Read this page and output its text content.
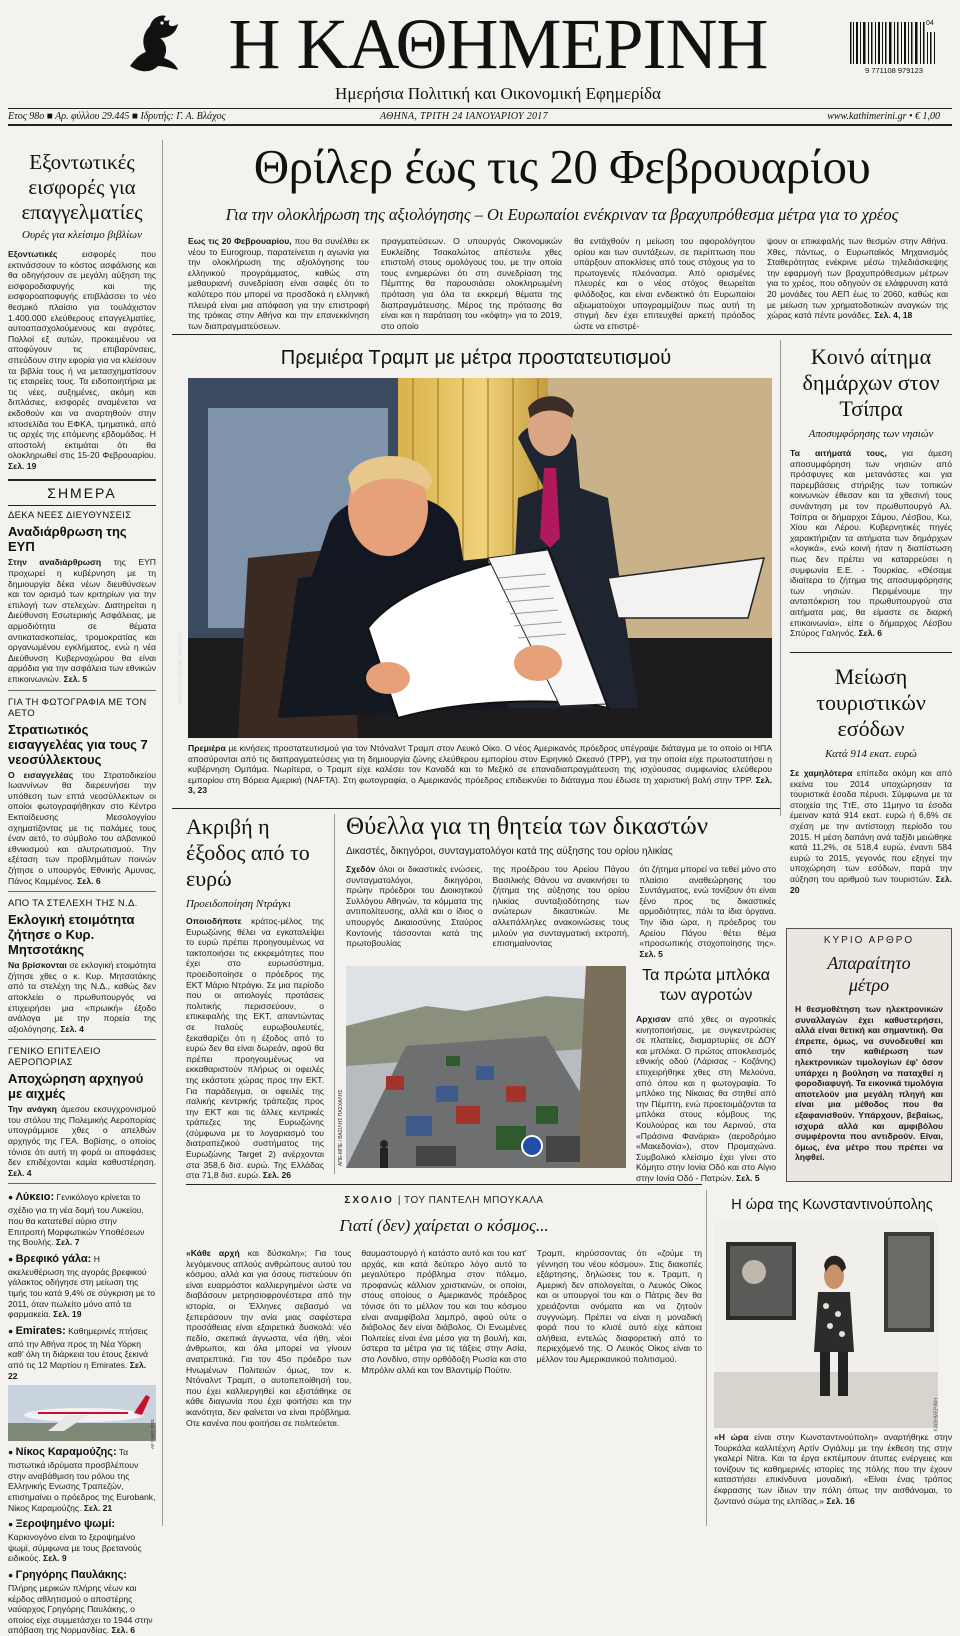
Η ΚΑΘΗΜΕΡΙΝΗ
Ημερήσια Πολιτική και Οικονομική Εφημερίδα
04
9 771108 979123
Ετος 98ο ■ Αρ. φύλλου 29.445 ■ Ιδρυτής: Γ. Α. Βλάχος	ΑΘΗΝΑ, ΤΡΙΤΗ 24 ΙΑΝΟΥΑΡΙΟΥ 2017	www.kathimerini.gr • € 1,00
Εξοντωτικές εισφορές για επαγγελματίες
Ουρές για κλείσιμο βιβλίων

Εξοντωτικές εισφορές που εκτινάσσουν το κόστος ασφάλισης και θα οδηγήσουν σε μεγάλη αύξηση της εισφοροδιαφυγής και της εισφοροαποφυγής επιβλάσσει το νέο θεσμικό πλαίσιο για τουλάχιστον 1.400.000 ελεύθερους επαγγελματίες, αυτοαπασχολούμενους και αγρότες. Πολλοί εξ αυτών, προκειμένου να αποφύγουν τις επιβαρύνσεις, σπεύδουν στην εφορία για να κλείσουν τα βιβλία τους ή να μετασχηματίσουν τις εταιρείες τους. Τα ειδοποιητήρια με τις νέες, αυξημένες, ακόμη και διπλάσιες, εισφορές αναμένεται να εκδοθούν και να αναρτηθούν στην ιστοσελίδα του ΕΦΚΑ, τμηματικά, από τις αρχές της επόμενης εβδομάδας. Η αποστολή εκτιμάται ότι θα ολοκληρωθεί στις 15-20 Φεβρουαρίου. Σελ. 19

ΣΗΜΕΡΑ
ΔΕΚΑ ΝΕΕΣ ΔΙΕΥΘΥΝΣΕΙΣ
Αναδιάρθρωση της ΕΥΠ

Στην αναδιάρθρωση της ΕΥΠ προχωρεί η κυβέρνηση με τη δημιουργία δέκα νέων διευθύνσεων και τον ορισμό των κριτηρίων για την επιλογή των στελεχών. Διατηρείται η Διεύθυνση Εσωτερικής Ασφάλειας, με αρμοδιότητα σε θέματα αντικατασκοπείας, τρομοκρατίας και οργανωμένου εγκλήματος, ενώ η νέα Διεύθυνση Κυβερνοχώρου θα είναι αρμόδια για την ασφάλεια των εθνικών επικοινωνιών. Σελ. 5

ΓΙΑ ΤΗ ΦΩΤΟΓΡΑΦΙΑ ΜΕ ΤΟΝ ΑΕΤΟ
Στρατιωτικός εισαγγελέας για τους 7 νεοσύλλεκτους

Ο εισαγγελέας του Στρατοδικείου Ιωαννίνων θα διερευνήσει την υπόθεση των επτά νεοσύλλεκτων οι οποίοι φωτογραφήθηκαν στο Κέντρο Εκπαίδευσης Μεσολογγίου σχηματίζοντας με τις παλάμες τους έναν αετό, το σύμβολο του αλβανικού εθνικισμού και αλυτρωτισμού. Την εξέταση των προβλημάτων ποινών ζήτησε ο υπουργός Εθνικής Αμυνας, Πάνος Καμμένος. Σελ. 6

ΑΠΟ ΤΑ ΣΤΕΛΕΧΗ ΤΗΣ Ν.Δ.
Εκλογική ετοιμότητα ζήτησε ο Κυρ. Μητσοτάκης

Να βρίσκονται σε εκλογική ετοιμότητα ζήτησε χθες ο κ. Κυρ. Μητσοτάκης από τα στελέχη της Ν.Δ., καθώς δεν αποκλείει ο πρωθυπουργός να επιχειρήσει μια «πρωική» έξοδο ανάλογα με την πορεία της αξιολόγησης. Σελ. 4

ΓΕΝΙΚΟ ΕΠΙΤΕΛΕΙΟ ΑΕΡΟΠΟΡΙΑΣ
Αποχώρηση αρχηγού με αιχμές

Την ανάγκη άμεσου εκσυγχρονισμού του στόλου της Πολεμικής Αεροπορίας υπογράμμισε χθες ο απελθών αρχηγός της ΓΕΑ. Βοβίσης, ο οποίος τόνισε ότι αυτή τη φορά οι αποφάσεις δεν επιδέχονται καμία καθυστέρηση. Σελ. 4

● Λύκειο: Γενικόλογο κρίνεται το σχέδιο για τη νέα δομή του Λυκείου, που θα κατατεθεί αύριο στην Επιτροπή Μορφωτικών Υποθέσεων της Βουλής. Σελ. 7

● Βρεφικό γάλα: Η ακελευθέρωση της αγοράς βρεφικού γάλακτος οδήγησε στη μείωση της τιμής του κατά 9,4% σε σύγκριση με το 2011, όταν πωλείτο μόνο από τα φαρμακεία. Σελ. 19

● Emirates: Καθημερινές πτήσεις από την Αθήνα προς τη Νέα Υόρκη καθ' όλη τη διάρκεια του έτους ξεκινά από τις 12 Μαρτίου η Emirates. Σελ. 22

AP / ΑΕΟ ΤΡΙΣ

● Νίκος Καραμούζης: Τα πιστωτικά ιδρύματα προσβλέπουν στην αναβάθμιση του ρόλου της Ελληνικής Ενωσης Τραπεζών, επισημαίνει ο πρόεδρος της Eurobank, Νίκος Καραμούζης. Σελ. 21

● Ξεροψημένο ψωμί: Καρκινογόνο είναι το ξεροψημένο ψωμί, σύμφωνα με τους βρετανούς ειδικούς. Σελ. 9

● Γρηγόρης Παυλάκης: Πλήρης μερικών πλήρης νέων και κέρδος αθλητισμού ο αποστέρης ναύαρχος Γρηγόρης Παυλάκης, ο οποίος είχε συμμετάσχει το 1944 στην απόβαση της Νορμανδίας. Σελ. 6

Θρίλερ έως τις 20 Φεβρουαρίου
Για την ολοκλήρωση της αξιολόγησης – Οι Ευρωπαίοι ενέκριναν τα βραχυπρόθεσμα μέτρα για το χρέος

Εως τις 20 Φεβρουαρίου, που θα συνέλθει εκ νέου το Eurogroup, παρατείνεται η αγωνία για την ολοκλήρωση της αξιολόγησης του ελληνικού προγράμματος, καθώς στη μεθαυριανή συνεδρίαση είναι σαφές ότι το καλύτερο που μπορεί να προσδοκά η ελληνική πλευρά είναι μια απόφαση για την επιστροφή της τρόικας στην Αθήνα και την επανεκκίνηση των διαπραγματεύσεων.

πραγματεύσεων. Ο υπουργός Οικονομικών Ευκλείδης Τσακαλώτος απέστειλε χθες επιστολή στους ομολόγους του, με την οποία τους ενημερώνει ότι στη συνεδρίαση της Πέμπτης θα παρουσιάσει ολοκληρωμένη πρόταση για όλα τα εκκρεμή θέματα της διαπραγμάτευσης. Μέρος της πρότασης θα είναι και η παράταση του «κόφτη» για το 2019, στο οποίο

θα εντάχθούν η μείωση του αφορολόγητου ορίου και των συντάξεων, σε περίπτωση που υπάρξουν αποκλίσεις από τους στόχους για το πρωτογενές πλεόνασμα. Από ορισμένες πλευρές και ο νέος στόχος θεωρείται φιλόδοξος, και είναι ενδεικτικό ότι Ευρωπαίοι αξιωματούχοι υπογραμμίζουν πως αυτή τη στιγμή δεν έχει επιτευχθεί αρκετή πρόοδος ώστε να επιστρέ-

ψουν οι επικεφαλής των θεσμών στην Αθήνα. Χθες, πάντως, ο Ευρωπαϊκός Μηχανισμός Σταθερότητας ενέκρινε μέσω τηλεδιάσκεψης την εφαρμογή των βραχυπρόθεσμων μέτρων για το χρέος, που οδηγούν σε ελάφρυνση κατά 20 μονάδες του ΑΕΠ έως το 2060, καθώς και με μείωση των χρηματοδοτικών αναγκών της χώρας κατά πέντε μονάδες. Σελ. 4, 18

Πρεμιέρα Τραμπ με μέτρα προστατευτισμού
REUTERS / KEVIN LAMARQUE

Πρεμιέρα με κινήσεις προστατευτισμού για τον Ντόναλντ Τραμπ στον Λευκό Οίκο. Ο νέος Αμερικανός πρόεδρος υπέγραψε διάταγμα με το οποίο οι ΗΠΑ αποσύρονται από τις διαπραγματεύσεις για τη δημιουργία ζώνης ελεύθερου εμπορίου στον Ειρηνικό Ωκεανό (TPP), για την οποία είχε πρωτοστατήσει η κυβέρνηση Ομπάμα. Νωρίτερα, ο Τραμπ είχε καλέσει τον Καναδά και το Μεξικό σε επαναδιαπραγμάτευση της ισχύουσας συμφωνίας ελεύθερου εμπορίου στη Βόρεια Αμερική (NAFTA). Στη φωτογραφία, ο Αμερικανός πρόεδρος επιδεικνύει το διάταγμα που έδωσε τη χαριστική βολή στην TPP. Σελ. 3, 23

Κοινό αίτημα δημάρχων στον Τσίπρα
Αποσυμφόρησης των νησιών

Τα αιτήματά τους, για άμεση αποσυμφόρηση των νησιών από πρόσφυγες και μετανάστες και για παρεμβάσεις στήριξης των τοπικών κοινωνιών έθεσαν και τα χθεσινή τους συνάντηση με τον πρωθυπουργό Αλ. Τσίπρα οι δήμαρχοι Σάμου, Λέσβου, Κω, Χίου και Λέρου. Κυβερνητικές πηγές χαρακτήριζαν τα αιτήματα των δημάρχων «λογικά», ενώ κοινή ήταν η διαπίστωση πως δεν πρέπει να καταρρεύσει η συμφωνία Ε.Ε. - Τουρκίας. «Θέσαμε ιδιαίτερα το ζήτημα της αποσυμφόρησης των νησιών. Περιμένουμε την ανταπόκριση του πρωθυπουργού στα αιτήματα μας, θα είμαστε σε διαρκή επικοινωνία», είπε ο δήμαρχος Λέσβου Σπύρος Γαληνός. Σελ. 6

Μείωση τουριστικών εσόδων
Κατά 914 εκατ. ευρώ

Σε χαμηλότερα επίπεδα ακόμη και από εκείνα του 2014 υποχώρησαν τα τουριστικά έσοδα πέρυσι. Σύμφωνα με τα στοιχεία της ΤτΕ, στο 11μηνο τα έσοδα έμειναν κατά 914 εκατ. ευρώ ή 6,6% σε σχέση με την αντίστοιχη περίοδο του 2015. Η μέση δαπάνη ανά ταξίδι μειώθηκε κατά 11,2%, σε 518,4 ευρώ, έναντι 584 ευρώ το 2015, γεγονός που εξηγεί την υποχώρηση των εσόδων, παρά την αύξηση του αριθμού των τουριστών. Σελ. 20

ΚΥΡΙΟ ΑΡΘΡΟ
Απαραίτητο μέτρο

Η θεσμοθέτηση των ηλεκτρονικών συναλλαγών έχει καθυστερήσει, αλλά είναι θετική και σημαντική. Θα έπρεπε, όμως, να συνοδευθεί και από την καθιέρωση των ηλεκτρονικών τιμολογίων έφ' όσον υπάρχει η βούληση να παταχθεί η φοροδιαφυγή. Τα εικονικά τιμολόγια αποτελούν μια μεγάλη πληγή και είναι μια μέθοδος που θα εξαφανισθούν. Υπάρχουν, βεβαίως, ισχυρά αλλά και αμφιβόλου συμφέροντα που αντιδρούν. Είναι, όμως, ένα μέτρο που πρέπει να ληφθεί.

Ακριβή η έξοδος από το ευρώ
Προειδοποίηση Ντράγκι

Οποιοδήποτε κράτος-μέλος της Ευρωζώνης θέλει να εγκαταλείψει το ευρώ πρέπει προηγουμένως να τακτοποιήσει τις εκκρεμότητες που έχει στο ευρωσύστημα, προειδοποίησε ο πρόεδρος της ΕΚΤ Μάριο Ντράγκι. Σε μια περίοδο που οι αιτιολογές προτάσεις πολιτικής περισσεύουν, ο επικεφαλής της ΕΚΤ, απαντώντας σε Ιταλούς ευρωβουλευτές, ξεκαθαρίζει ότι η έξοδος από το ευρώ δεν θα είναι δωρεάν, αφού θα πρέπει προηγουμένως να εκκαθαριστούν πλήρως οι οφειλές της εκάστοτε χώρας προς την ΕΚΤ. Για παράδειγμα, οι οφειλές της ιταλικής κεντρικής τράπεζας προς την ΕΚΤ και τις άλλες κεντρικές τράπεζες της Ευρωζώνης (σύμφωνα με το λογαριασμό του διατραπεζικού συστήματος της Ευρωζώνης Target 2) ανέρχονται στα 358,6 δισ. ευρώ. Της Ελλάδας στα 71,8 δισ. ευρώ. Σελ. 26

Θύελλα για τη θητεία των δικαστών
Δικαστές, δικηγόροι, συνταγματολόγοι κατά της αύξησης του ορίου ηλικίας

Σχεδόν όλοι οι δικαστικές ενώσεις, συνταγματολόγοι, δικηγόροι, πρώην πρόεδροι του Διοικητικού Συλλόγου Αθηνών, τα κόμματα της αντιπολίτευσης, αλλά και ο ίδιος ο υπουργός Δικαιοσύνης Σταύρος Κοντονής τάσσονται κατά της πρωτοβουλίας

της προέδρου του Αρείου Πάγου Βασιλικής Θάνου να ανακινήσει το ζήτημα της αύξησης του ορίου ηλικίας συνταξιοδότησης των ανώτερων δικαστικών. Με αλλεπάλληλες ανακοινώσεις τους μιλούν για συνταγματική εκτροπή, επισημαίνοντας

ότι ζήτημα μπορεί να τεθεί μόνο στο πλαίσιο αναθεώρησης του Συντάγματος, ενώ τονίζουν ότι είναι ξένο προς τις δικαστικές αρμοδιότητες, πάλι τα ίδια όργανα. Την ίδια ώρα, η πρόεδρος του Αρείου Πάγου θέτει θέμα «προσωπικής στοχοποίησης της». Σελ. 5

ΑΠΕ-ΜΠΕ / ΒΑΣΙΛΗΣ ΠΑΣΧΑΛΗΣ
Τα πρώτα μπλόκα των αγροτών

Αρχισαν από χθες οι αγροτικές κινητοποιήσεις, με συγκεντρώσεις σε πλατείες, διαμαρτυρίες σε ΔΟΥ και μπλόκα. Ο πρώτος αποκλεισμός εθνικής οδού (Λάρισας - Κοζάνης) επιχειρήθηκε χθες στη Μελούνα, από όπου και η φωτογραφία. Το μπλόκο της Νίκαιας θα στηθεί από την Πέμπτη, ενώ προετοιμάζονται τα μπλόκα στους κόμβους της Κουλούρας και του Αερινού, στα «Πράσινα Φανάρια» (αεροδρόμιο «Μακεδονία»), στον Προμαχώνα. Συμβολικό κλείσιμο έχει γίνει στο Κόμητο στην Ιονία Οδό και στο Αίγιο στην Ιονία Οδό - Πατρών. Σελ. 5

ΣΧΟΛΙΟ | ΤΟΥ ΠΑΝΤΕΛΗ ΜΠΟΥΚΑΛΑ
Γιατί (δεν) χαίρεται ο κόσμος...

«Κάθε αρχή και δύσκολη»; Για τους λεγόμενους απλούς ανθρώπους αυτού του κόσμου, αλλά και για όσους πιστεύουν ότι είναι ευαρμόστοι καλλιεργημένοι ώστε να διαβάσουν μετρησιοφρονέστερα από την ιστορία, οι Έλληνες σεβασμό να ξεπεράσουν την ανία μιας σαφέστερα προσάθειας είναι εξαιρετικά δυσκολό: νέο πεδίο, σκεπικά άγνωστα, νέα ήθη, νέοι άνθρωποι, και όλα μπορεί να γίνουν ανατρεπτικά. Για τον 45ο πρόεδρο των Ηνωμένων Πολιτειών όμως, τον κ. Ντόναλντ Τραμπ, ο αυτοπεποίθησή του, που έχει καλλιεργηθεί και εξιστάθηκε σε κάθε διαγωνία που έχει φοιτήσει και την ικανότητα, δεν φαίνεται να είναι πρόβλημα. Οτε κανένα που φοιτήσει σε πολιτεύεται.

θαυμαστουργό ή κατάστο αυτό και του κατ' αρχάς, και κατά δεύτερο λόγο αυτό το μεγαλύτερο πρόβλημα στον πόλεμο, προφανώς κάλλιον χριστιανών, οι οποίοι, στους οποίους ο Αμερικανός πρόεδρος τόνισε ότι το μέλλον του και του κόσμου είναι αναμφίβολα λαμπρό, αφού ούτε ο διάβολος δεν είναι διάβολος. Οι Ενωμένες Πολιτείες είναι ένα μέσο για τη βουλή, και, ύστερα τα μέτρα για τις τάξεις στην Ασία, στο Λονδίνο, στην ορθόδοξη Ρωσία και στο Μπρόλιν αλλά και τον Βλαντιμίρ Πούτιν.

Τραμπ, κηρύσσοντας ότι «ζούμε τη γέννηση του νέου κόσμου». Στις διακοπές εξάρτησης, δηλώσεις του κ. Τραμπ, η Αμερική δεν απολογείται, ο Λευκός Οίκος και οι υπουργοί του και ο Πάτρις δεν θα χρειάζονται ονόματα και να ζητούν συγγνώμη. Πρέπει να είναι η μοναδική φορά που το κλισέ αυτό είχε κάποια αλήθεια, εντελώς διαφορετική από το περιεχόμενό της. Ο Λευκός Οίκος είναι το μέλλον του Αμερικανικού πολιτισμού.

Η ώρα της Κωνσταντινούπολης
ΚΑΘΗΜΕΡΙΝΗ

«Η ώρα είναι στην Κωνσταντινούπολη» αναρτήθηκε στην Τουρκάλα καλλιτέχνη Αρτίν Ογιάλυμ με την έκθεση της στην γκαλερί Nitra. Και τα έργα εκπέμπουν άτυπες ενέργειες και τονίζουν τις καθημερινές ιστορίες της πόλης που την έχουν καταστήσει επικίνδυνα μοναδική. «Είναι ένας τρόπος έκφρασης των ίδιων την πόλη όπως την αισθάνομαι, το ζωντανό σώμα της ελπίδας.» Σελ. 16
